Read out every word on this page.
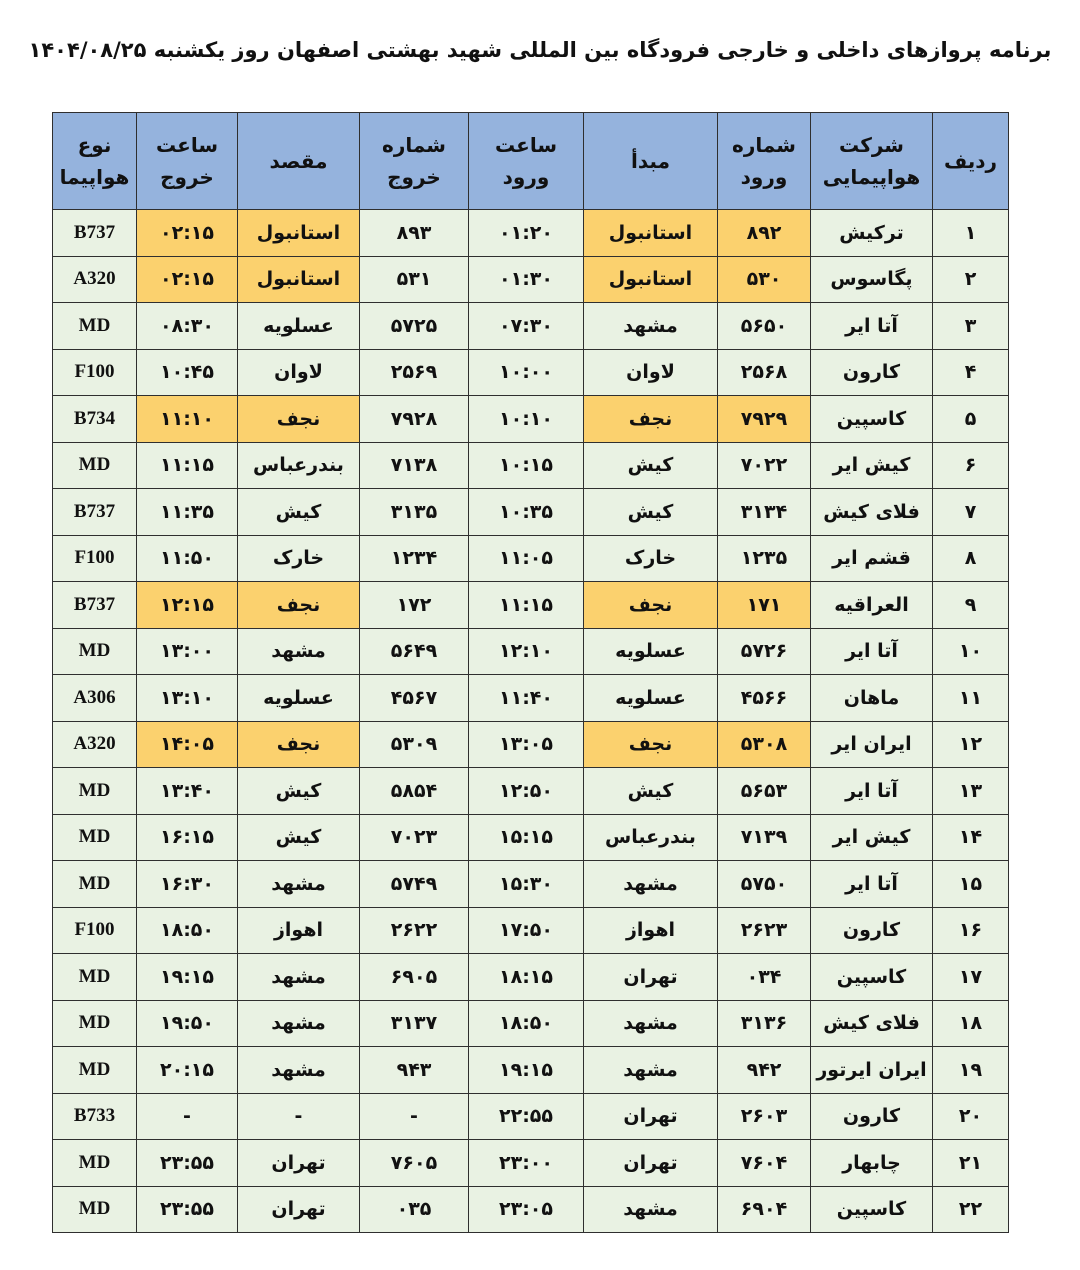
برنامه پروازهای داخلی و خارجی فرودگاه بین المللی شهید بهشتی اصفهان روز یکشنبه ۱۴۰۴/۰۸/۲۵
ردیف	شرکت هواپیمایی	شماره ورود	مبدأ	ساعت ورود	شماره خروج	مقصد	ساعت خروج	نوع هواپیما
۱	ترکیش	۸۹۲	استانبول	۰۱:۲۰	۸۹۳	استانبول	۰۲:۱۵	B737
۲	پگاسوس	۵۳۰	استانبول	۰۱:۳۰	۵۳۱	استانبول	۰۲:۱۵	A320
۳	آتا ایر	۵۶۵۰	مشهد	۰۷:۳۰	۵۷۲۵	عسلویه	۰۸:۳۰	MD
۴	کارون	۲۵۶۸	لاوان	۱۰:۰۰	۲۵۶۹	لاوان	۱۰:۴۵	F100
۵	کاسپین	۷۹۲۹	نجف	۱۰:۱۰	۷۹۲۸	نجف	۱۱:۱۰	B734
۶	کیش ایر	۷۰۲۲	کیش	۱۰:۱۵	۷۱۳۸	بندرعباس	۱۱:۱۵	MD
۷	فلای کیش	۳۱۳۴	کیش	۱۰:۳۵	۳۱۳۵	کیش	۱۱:۳۵	B737
۸	قشم ایر	۱۲۳۵	خارک	۱۱:۰۵	۱۲۳۴	خارک	۱۱:۵۰	F100
۹	العراقیه	۱۷۱	نجف	۱۱:۱۵	۱۷۲	نجف	۱۲:۱۵	B737
۱۰	آتا ایر	۵۷۲۶	عسلویه	۱۲:۱۰	۵۶۴۹	مشهد	۱۳:۰۰	MD
۱۱	ماهان	۴۵۶۶	عسلویه	۱۱:۴۰	۴۵۶۷	عسلویه	۱۳:۱۰	A306
۱۲	ایران ایر	۵۳۰۸	نجف	۱۳:۰۵	۵۳۰۹	نجف	۱۴:۰۵	A320
۱۳	آتا ایر	۵۶۵۳	کیش	۱۲:۵۰	۵۸۵۴	کیش	۱۳:۴۰	MD
۱۴	کیش ایر	۷۱۳۹	بندرعباس	۱۵:۱۵	۷۰۲۳	کیش	۱۶:۱۵	MD
۱۵	آتا ایر	۵۷۵۰	مشهد	۱۵:۳۰	۵۷۴۹	مشهد	۱۶:۳۰	MD
۱۶	کارون	۲۶۲۳	اهواز	۱۷:۵۰	۲۶۲۲	اهواز	۱۸:۵۰	F100
۱۷	کاسپین	۰۳۴	تهران	۱۸:۱۵	۶۹۰۵	مشهد	۱۹:۱۵	MD
۱۸	فلای کیش	۳۱۳۶	مشهد	۱۸:۵۰	۳۱۳۷	مشهد	۱۹:۵۰	MD
۱۹	ایران ایرتور	۹۴۲	مشهد	۱۹:۱۵	۹۴۳	مشهد	۲۰:۱۵	MD
۲۰	کارون	۲۶۰۳	تهران	۲۲:۵۵	-	-	-	B733
۲۱	چابهار	۷۶۰۴	تهران	۲۳:۰۰	۷۶۰۵	تهران	۲۳:۵۵	MD
۲۲	کاسپین	۶۹۰۴	مشهد	۲۳:۰۵	۰۳۵	تهران	۲۳:۵۵	MD
